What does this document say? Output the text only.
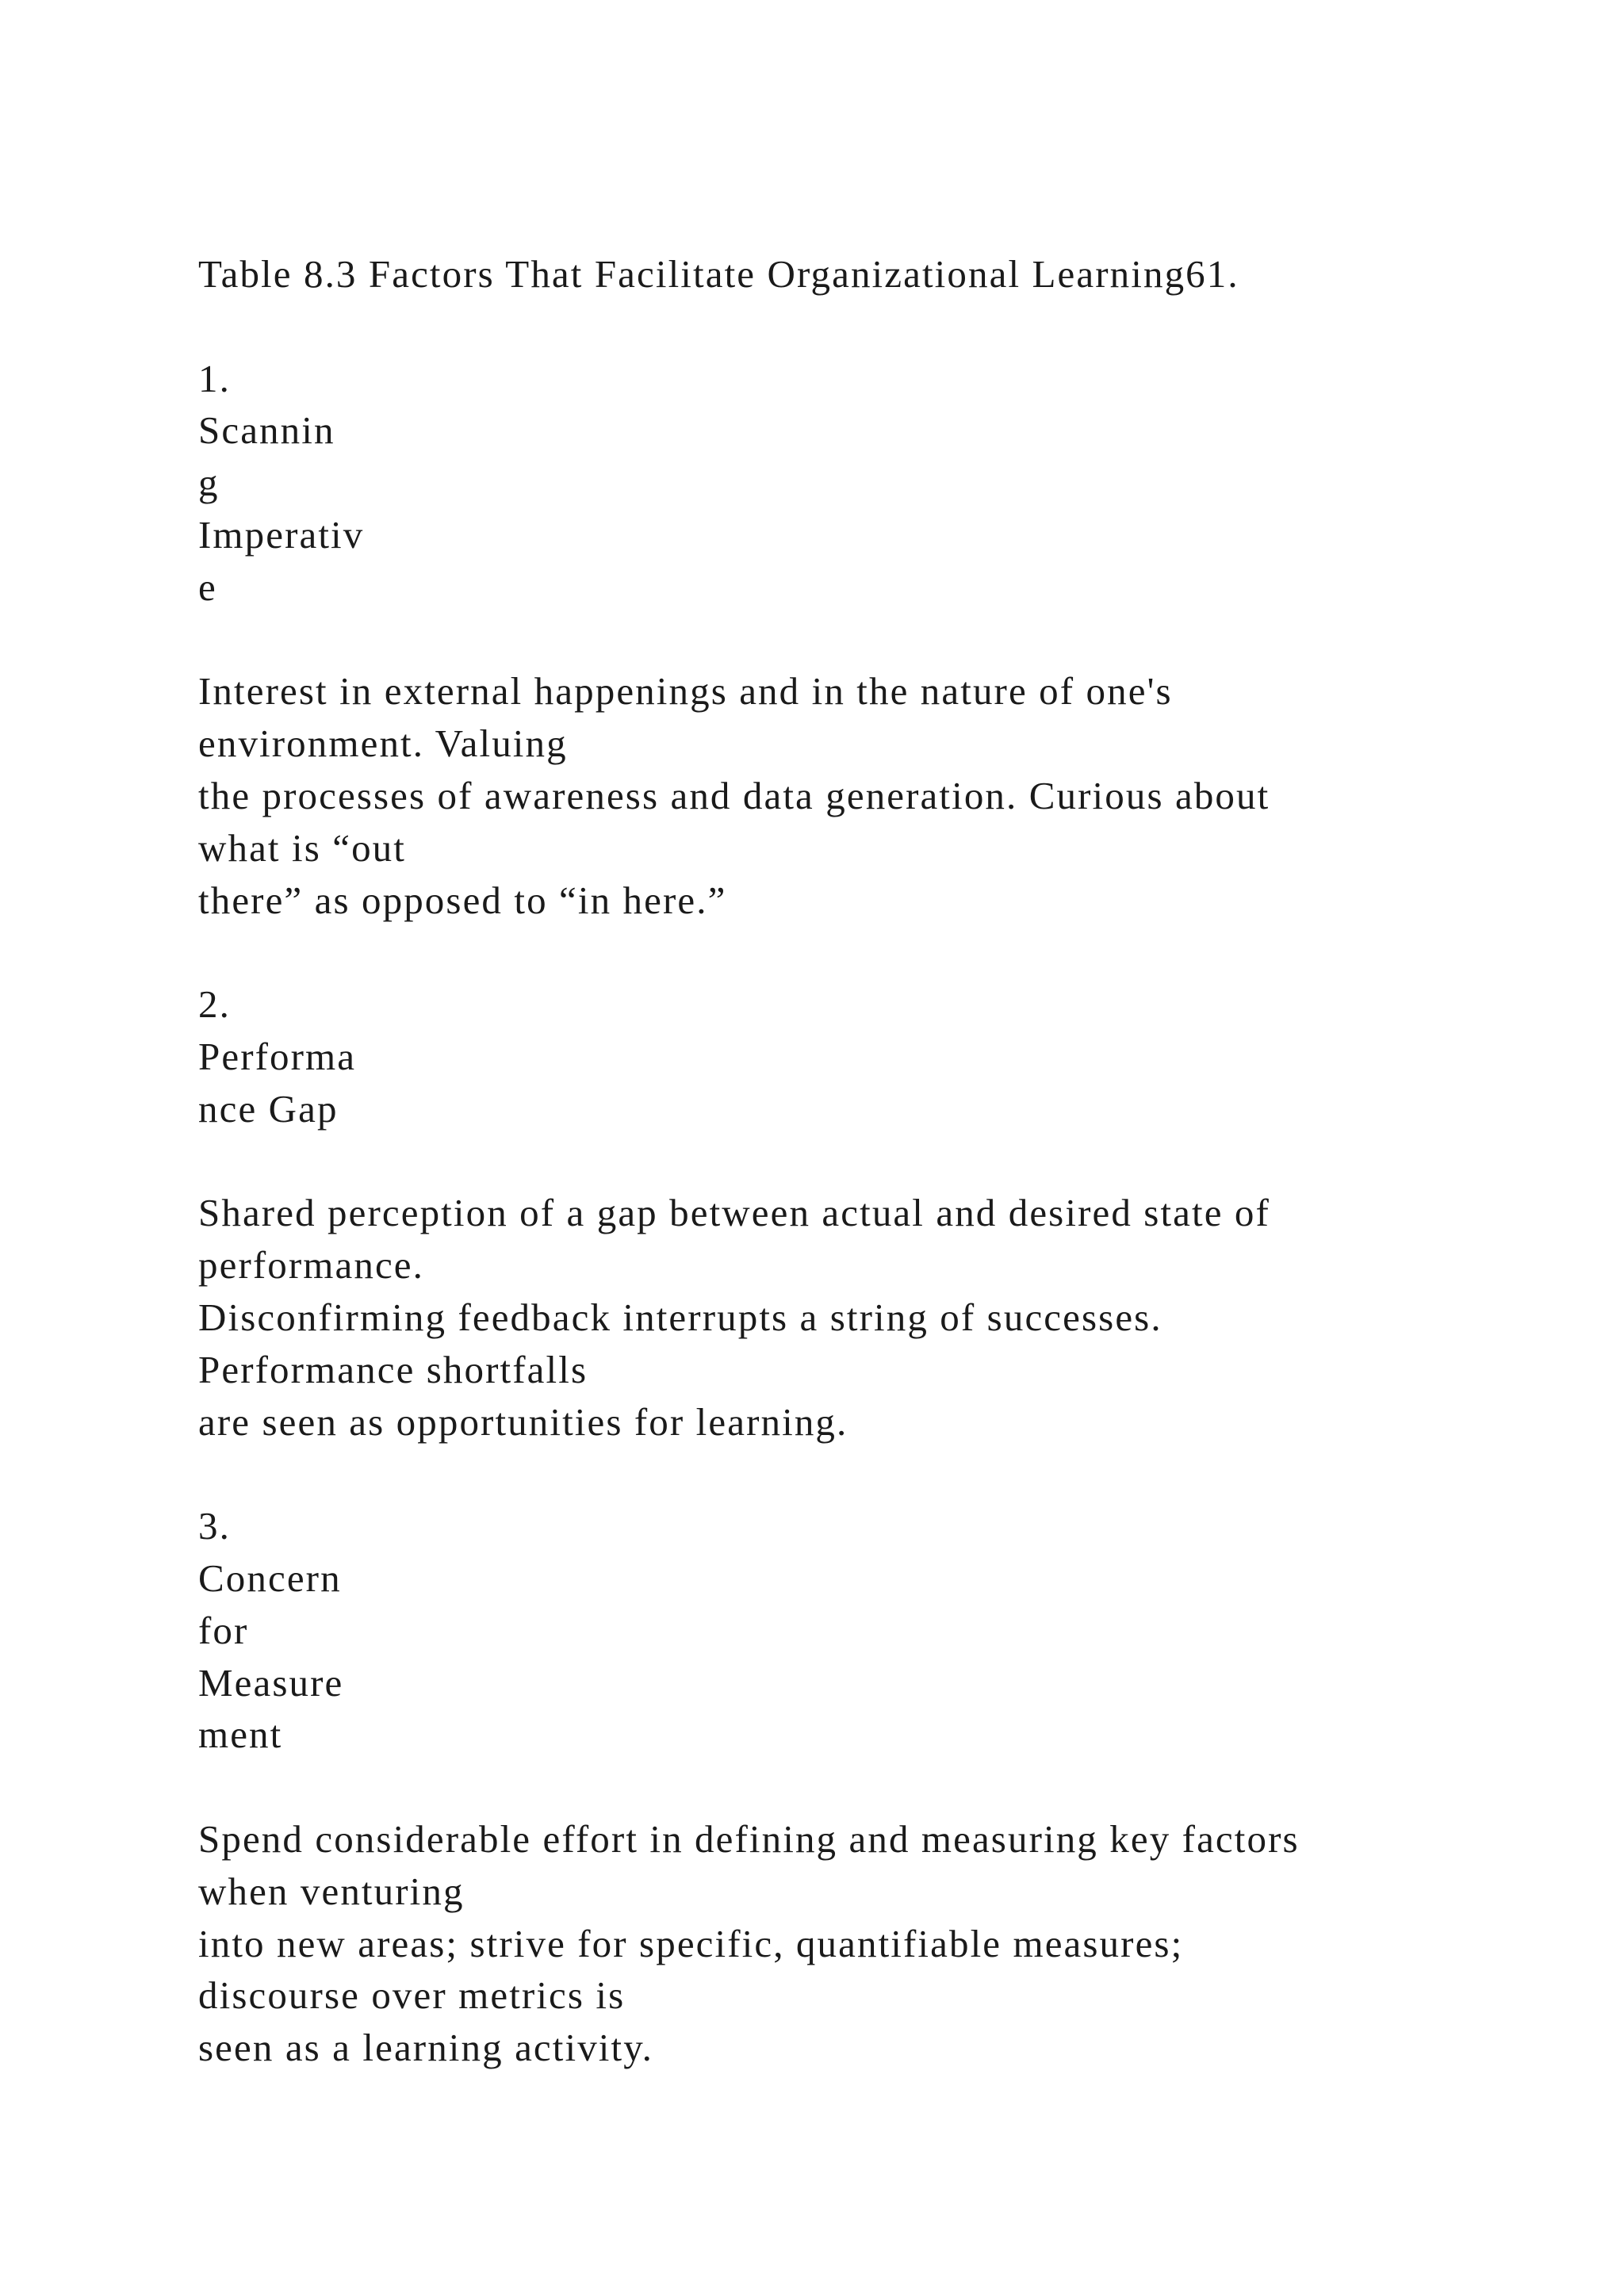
Table 8.3 Factors That Facilitate Organizational Learning61.
1.
Scannin
g
Imperativ
e
Interest in external happenings and in the nature of one's
environment. Valuing
the processes of awareness and data generation. Curious about
what is “out
there” as opposed to “in here.”
2.
Performa
nce Gap
Shared perception of a gap between actual and desired state of
performance.
Disconfirming feedback interrupts a string of successes.
Performance shortfalls
are seen as opportunities for learning.
3.
Concern
for
Measure
ment
Spend considerable effort in defining and measuring key factors
when venturing
into new areas; strive for specific, quantifiable measures;
discourse over metrics is
seen as a learning activity.
